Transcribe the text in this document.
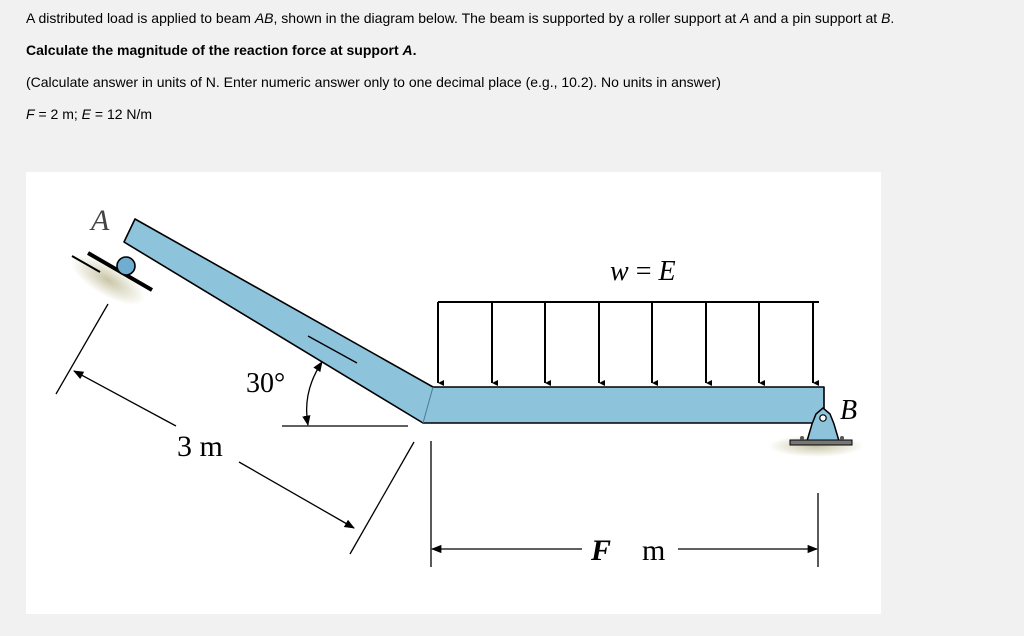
A distributed load is applied to beam AB, shown in the diagram below. The beam is supported by a roller support at A and a pin support at B.
Calculate the magnitude of the reaction force at support A.
(Calculate answer in units of N. Enter numeric answer only to one decimal place (e.g., 10.2). No units in answer)
F = 2 m; E = 12 N/m
A
B
w = E
30°
3 m
F m
